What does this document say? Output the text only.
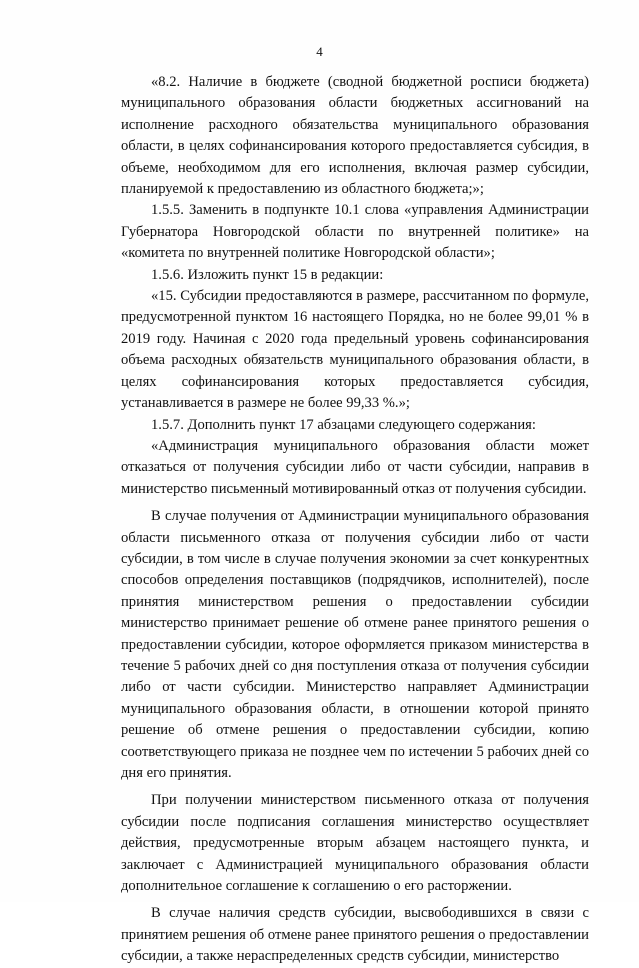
4

«8.2. Наличие в бюджете (сводной бюджетной росписи бюджета) муниципального образования области бюджетных ассигнований на исполнение расходного обязательства муниципального образования области, в целях софинансирования которого предоставляется субсидия, в объеме, необходимом для его исполнения, включая размер субсидии, планируемой к предоставлению из областного бюджета;»;

1.5.5. Заменить в подпункте 10.1 слова «управления Администрации Губернатора Новгородской области по внутренней политике» на «комитета по внутренней политике Новгородской области»;

1.5.6. Изложить пункт 15 в редакции:

«15. Субсидии предоставляются в размере, рассчитанном по формуле, предусмотренной пунктом 16 настоящего Порядка, но не более 99,01 % в 2019 году. Начиная с 2020 года предельный уровень софинансирования объема расходных обязательств муниципального образования области, в целях софинансирования которых предоставляется субсидия, устанавливается в размере не более 99,33 %.»;

1.5.7. Дополнить пункт 17 абзацами следующего содержания:

«Администрация муниципального образования области может отказаться от получения субсидии либо от части субсидии, направив в министерство письменный мотивированный отказ от получения субсидии.

В случае получения от Администрации муниципального образования области письменного отказа от получения субсидии либо от части субсидии, в том числе в случае получения экономии за счет конкурентных способов определения поставщиков (подрядчиков, исполнителей), после принятия министерством решения о предоставлении субсидии министерство принимает решение об отмене ранее принятого решения о предоставлении субсидии, которое оформляется приказом министерства в течение 5 рабочих дней со дня поступления отказа от получения субсидии либо от части субсидии. Министерство направляет Администрации муниципального образования области, в отношении которой принято решение об отмене решения о предоставлении субсидии, копию соответствующего приказа не позднее чем по истечении 5 рабочих дней со дня его принятия.

При получении министерством письменного отказа от получения субсидии после подписания соглашения министерство осуществляет действия, предусмотренные вторым абзацем настоящего пункта, и заключает с Администрацией муниципального образования области дополнительное соглашение к соглашению о его расторжении.

В случае наличия средств субсидии, высвободившихся в связи с принятием решения об отмене ранее принятого решения о предоставлении субсидии, а также нераспределенных средств субсидии, министерство
